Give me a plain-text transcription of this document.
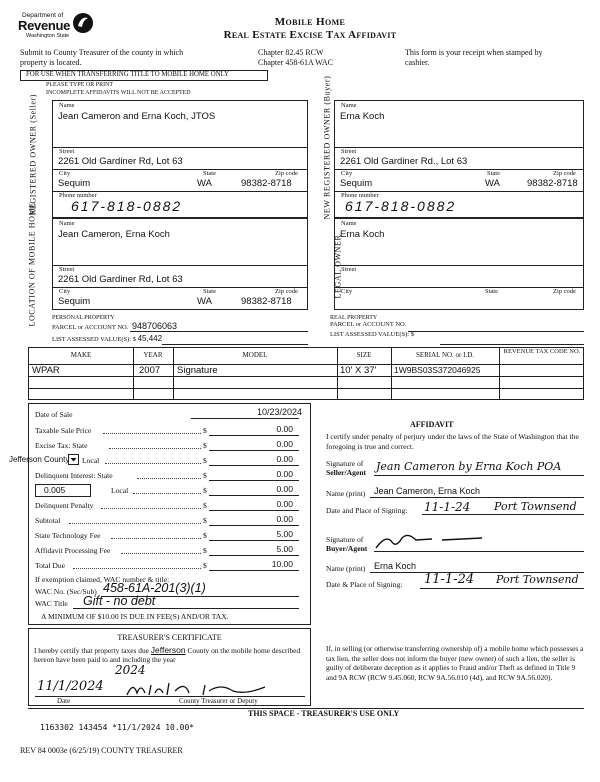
Department of
Revenue
Washington State
Mobile Home
Real Estate Excise Tax Affidavit
Submit to County Treasurer of the county in which property is located.
Chapter 82.45 RCW
Chapter 458-61A WAC
This form is your receipt when stamped by cashier.
FOR USE WHEN TRANSFERRING TITLE TO MOBILE HOME ONLY
PLEASE TYPE OR PRINT
INCOMPLETE AFFIDAVITS WILL NOT BE ACCEPTED
REGISTERED OWNER (Seller)	Name
Jean Cameron and Erna Koch, JTOS
Street
2261 Old Gardiner Rd, Lot 63
City	State	Zip code
Sequim	WA	98382-8718
Phone number
617-818-0882	NEW REGISTERED OWNER (Buyer) Name
Erna Koch
Street
2261 Old Gardiner Rd., Lot 63
City	State	Zip code
Sequim	WA	98382-8718
Phone number
617-818-0882
LOCATION OF MOBILE HOME	Name
Jean Cameron, Erna Koch
Street
2261 Old Gardiner Rd, Lot 63
City	State	Zip code
Sequim	WA	98382-8718
LEGAL OWNER
Name
Erna Koch
Street
City	State	Zip code
PERSONAL PROPERTY
PARCEL or ACCOUNT NO. 948706063
LIST ASSESSED VALUE(S): $ 45,442
REAL PROPERTY
PARCEL or ACCOUNT NO.
LIST ASSESSED VALUE(S): $
MAKE	YEAR	MODEL	SIZE	SERIAL NO. or I.D.	REVENUE TAX CODE NO.
WPAR	2007 Signature	10' X 37' 1W9BS03S372046925
Date of Sale	10/23/2024
Taxable Sale Price	$	0.00
Excise Tax: State	$	0.00
Jefferson County Local	$	0.00
Delinquent Interest: State	$	0.00
0.005	Local	$	0.00
Delinquent Penalty	$	0.00
Subtotal	$	0.00
State Technology Fee	$	5.00
Affidavit Processing Fee	$	5.00
Total Due	$	10.00
If exemption claimed, WAC number & title:
WAC No. (Sec/Sub) 458-61A-201(3)(1)
WAC Title Gift - no debt
A MINIMUM OF $10.00 IS DUE IN FEE(S) AND/OR TAX.
AFFIDAVIT
I certify under penalty of perjury under the laws of the State of Washington that the foregoing is true and correct.
Signature of
Seller/Agent Jean Cameron by Erna Koch POA
Name (print) Jean Cameron, Erna Koch
Date and Place of Signing: 11-1-24 Port Townsend
Signature of
Buyer/Agent
Name (print) Erna Koch
Date & Place of Signing: 11-1-24 Port Townsend
TREASURER'S CERTIFICATE
I hereby certify that property taxes due Jefferson County on the mobile home described hereon have been paid to and including the year
2024
11/1/2024
Date	County Treasurer or Deputy
If, in selling (or otherwise transferring ownership of) a mobile home which possesses a tax lien, the seller does not inform the buyer (new owner) of such a lien, the seller is guilty of deliberate deception as it applies to Fraud and/or Theft as defined in Title 9 and 9A RCW (RCW 9.45.060, RCW 9A.56.010 (4d), and RCW 9A.56.020).
THIS SPACE - TREASURER'S USE ONLY
1163302 143454 *11/1/2024 10.00*
REV 84 0003e (6/25/19) COUNTY TREASURER
